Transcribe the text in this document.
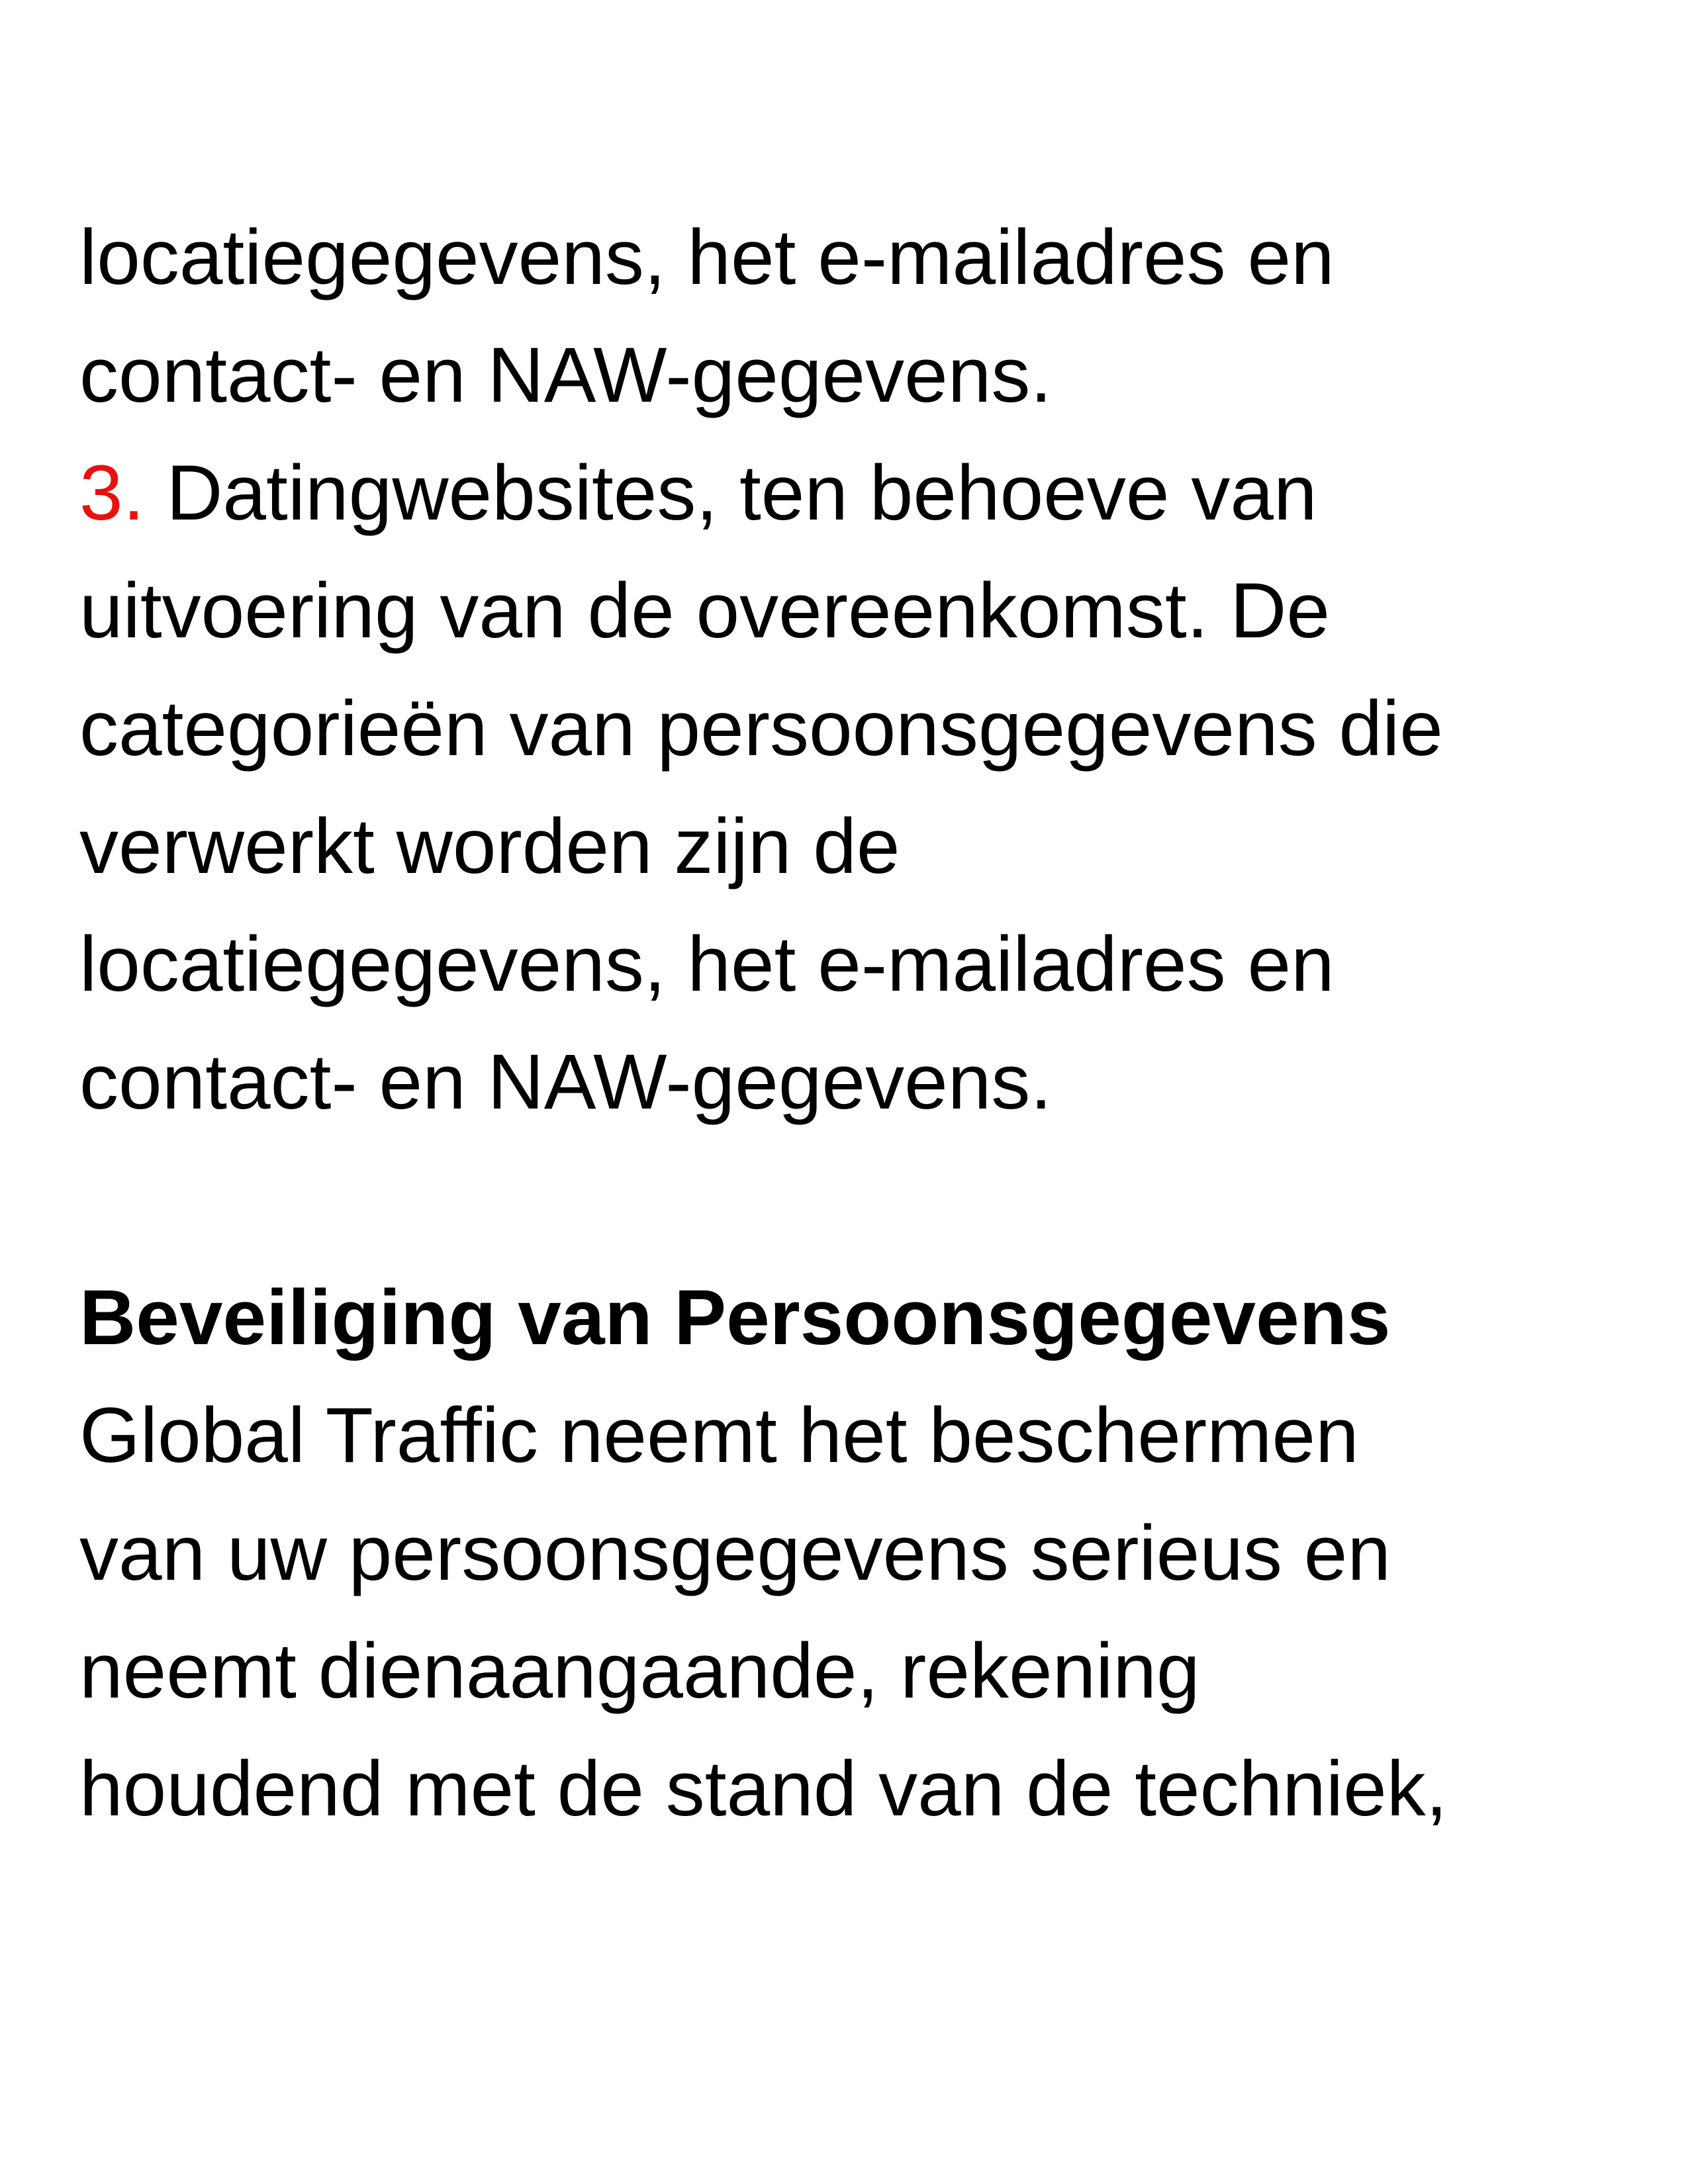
locatiegegevens, het e-mailadres en

contact- en NAW-gegevens.

3. Datingwebsites, ten behoeve van

uitvoering van de overeenkomst. De

categorieën van persoonsgegevens die

verwerkt worden zijn de

locatiegegevens, het e-mailadres en

contact- en NAW-gegevens.

Beveiliging van Persoonsgegevens

Global Traffic neemt het beschermen

van uw persoonsgegevens serieus en

neemt dienaangaande, rekening

houdend met de stand van de techniek,
